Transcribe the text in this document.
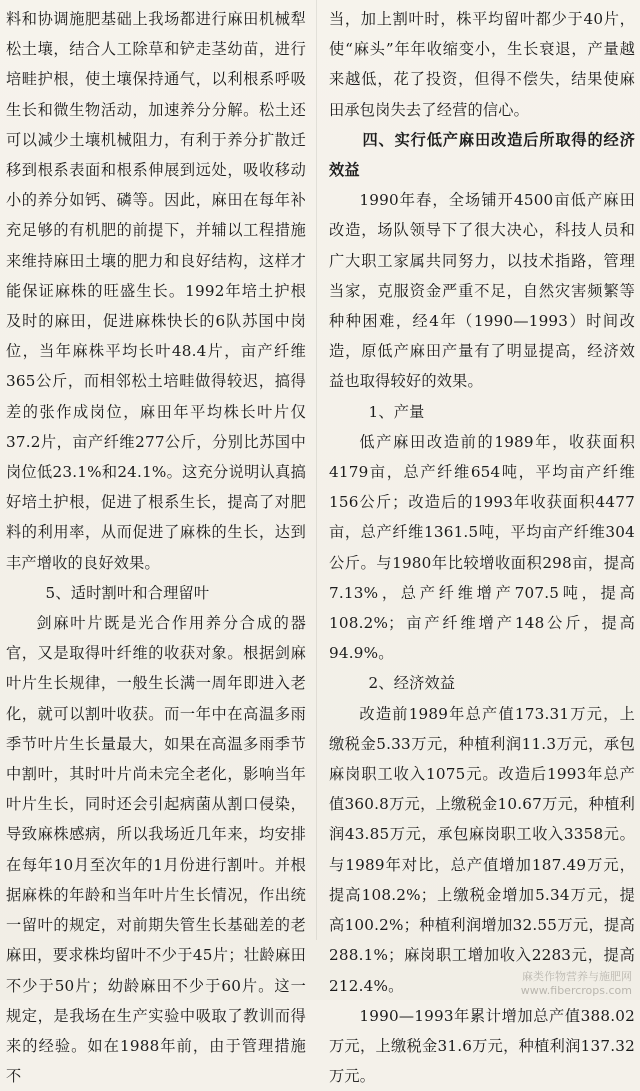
料和协调施肥基础上我场都进行麻田机械犁松土壤，结合人工除草和铲走茎幼苗，进行培畦护根，使土壤保持通气，以利根系呼吸生长和微生物活动，加速养分分解。松土还可以减少土壤机械阻力，有利于养分扩散迁移到根系表面和根系伸展到远处，吸收移动小的养分如钙、磷等。因此，麻田在每年补充足够的有机肥的前提下，并辅以工程措施来维持麻田土壤的肥力和良好结构，这样才能保证麻株的旺盛生长。1992年培土护根及时的麻田，促进麻株快长的6队苏国中岗位，当年麻株平均长叶48.4片，亩产纤维365公斤，而相邻松土培畦做得较迟，搞得差的张作成岗位，麻田年平均株长叶片仅37.2片，亩产纤维277公斤，分别比苏国中岗位低23.1%和24.1%。这充分说明认真搞好培土护根，促进了根系生长，提高了对肥料的利用率，从而促进了麻株的生长，达到丰产增收的良好效果。

5、适时割叶和合理留叶

剑麻叶片既是光合作用养分合成的器官，又是取得叶纤维的收获对象。根据剑麻叶片生长规律，一般生长满一周年即进入老化，就可以割叶收获。而一年中在高温多雨季节叶片生长量最大，如果在高温多雨季节中割叶，其时叶片尚未完全老化，影响当年叶片生长，同时还会引起病菌从割口侵染，导致麻株感病，所以我场近几年来，均安排在每年10月至次年的1月份进行割叶。并根据麻株的年龄和当年叶片生长情况，作出统一留叶的规定，对前期失管生长基础差的老麻田，要求株均留叶不少于45片；壮龄麻田不少于50片；幼龄麻田不少于60片。这一规定，是我场在生产实验中吸取了教训而得来的经验。如在1988年前，由于管理措施不

当，加上割叶时，株平均留叶都少于40片，使“麻头”年年收缩变小，生长衰退，产量越来越低，花了投资，但得不偿失，结果使麻田承包岗失去了经营的信心。

四、实行低产麻田改造后所取得的经济效益

1990年春，全场铺开4500亩低产麻田改造，场队领导下了很大决心，科技人员和广大职工家属共同努力，以技术指路，管理当家，克服资金严重不足，自然灾害频繁等种种困难，经4年（1990—1993）时间改造，原低产麻田产量有了明显提高，经济效益也取得较好的效果。

1、产量

低产麻田改造前的1989年，收获面积4179亩，总产纤维654吨，平均亩产纤维156公斤；改造后的1993年收获面积4477亩，总产纤维1361.5吨，平均亩产纤维304公斤。与1980年比较增收面积298亩，提高7.13%，总产纤维增产707.5吨，提高108.2%；亩产纤维增产148公斤，提高94.9%。

2、经济效益

改造前1989年总产值173.31万元，上缴税金5.33万元，种植利润11.3万元，承包麻岗职工收入1075元。改造后1993年总产值360.8万元，上缴税金10.67万元，种植利润43.85万元，承包麻岗职工收入3358元。与1989年对比，总产值增加187.49万元，提高108.2%；上缴税金增加5.34万元，提高100.2%；种植利润增加32.55万元，提高288.1%；麻岗职工增加收入2283元，提高212.4%。

1990—1993年累计增加总产值388.02万元，上缴税金31.6万元，种植利润137.32万元。

麻类作物营养与施肥网
www.fibercrops.com
